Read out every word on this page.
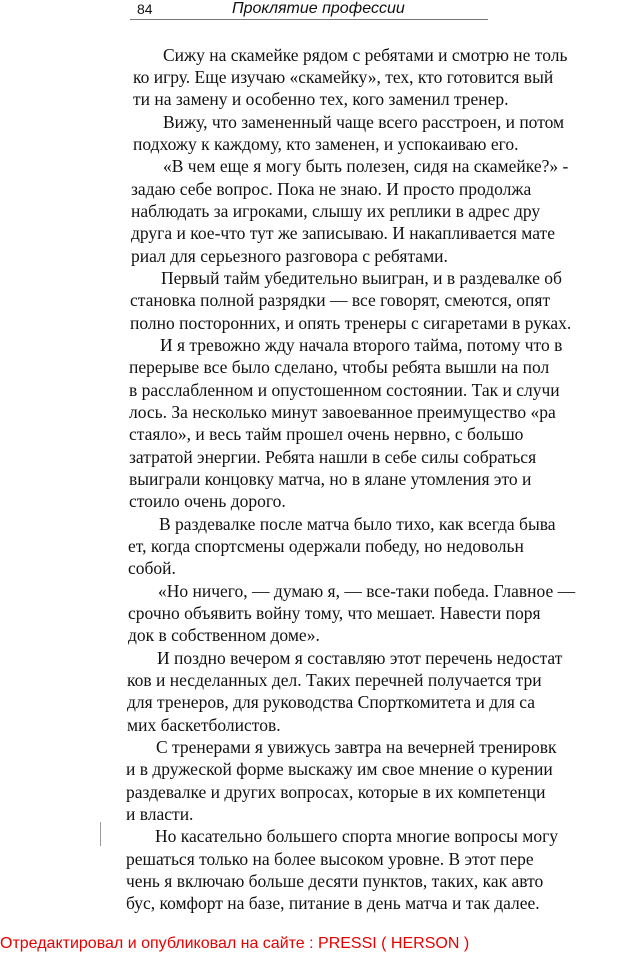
84	Проклятие профессии
Сижу на скамейке рядом с ребятами и смотрю не толь
ко игру. Еще изучаю «скамейку», тех, кто готовится вый
ти на замену и особенно тех, кого заменил тренер.
Вижу, что замененный чаще всего расстроен, и потом
подхожу к каждому, кто заменен, и успокаиваю его.
«В чем еще я могу быть полезен, сидя на скамейке?» -
задаю себе вопрос. Пока не знаю. И просто продолжа
наблюдать за игроками, слышу их реплики в адрес дру
друга и кое-что тут же записываю. И накапливается мате
риал для серьезного разговора с ребятами.
Первый тайм убедительно выигран, и в раздевалке об
становка полной разрядки — все говорят, смеются, опят
полно посторонних, и опять тренеры с сигаретами в руках.
И я тревожно жду начала второго тайма, потому что в
перерыве все было сделано, чтобы ребята вышли на пол
в расслабленном и опустошенном состоянии. Так и случи
лось. За несколько минут завоеванное преимущество «ра
стаяло», и весь тайм прошел очень нервно, с большо
затратой энергии. Ребята нашли в себе силы собраться
выиграли концовку матча, но в ялане утомления это и
стоило очень дорого.
В раздевалке после матча было тихо, как всегда быва
ет, когда спортсмены одержали победу, но недовольн
собой.
«Но ничего, — думаю я, — все-таки победа. Главное —
срочно объявить войну тому, что мешает. Навести поря
док в собственном доме».
И поздно вечером я составляю этот перечень недостат
ков и несделанных дел. Таких перечней получается три
для тренеров, для руководства Спорткомитета и для са
мих баскетболистов.
С тренерами я увижусь завтра на вечерней тренировк
и в дружеской форме выскажу им свое мнение о курении
раздевалке и других вопросах, которые в их компетенци
и власти.
Но касательно большего спорта многие вопросы могу
решаться только на более высоком уровне. В этот пере
чень я включаю больше десяти пунктов, таких, как авто
бус, комфорт на базе, питание в день матча и так далее.
Отредактировал и опубликовал на сайте : PRESSI ( HERSON )
